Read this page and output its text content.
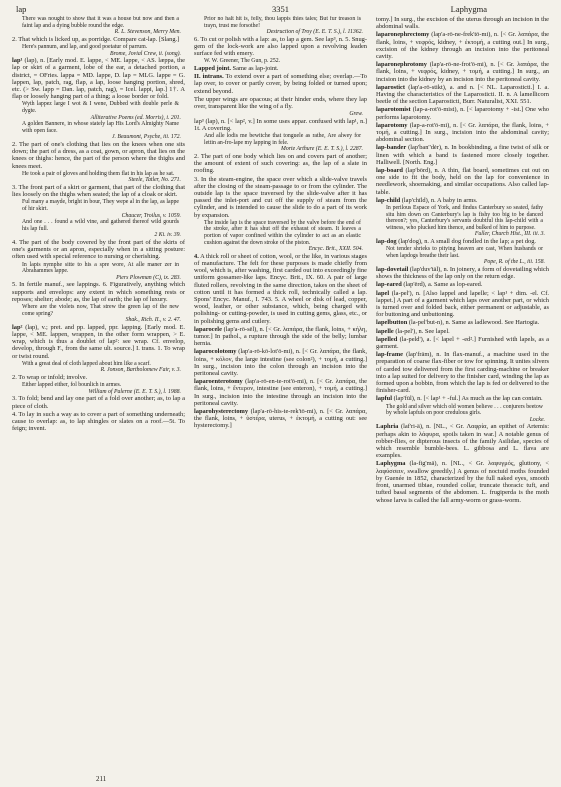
lap	3351	Laphygma
There was nought to show that it was a house but now and then a faint lap and a dying bubble round the edge.
R. L. Stevenson, Merry Men.

2. That which is licked up, as porridge. Compare cat-lap. [Slang.]

Here's pannum, and lap, and good poetatur of parrum.
Brome, Jovial Crew, ii. (song).

lap¹ (lap), n. [Early mod. E. lappe, < ME. lappe, < AS. læppa, the lap or skirt of a garment, lobe of the ear, a detached portion, a district, = OFries. lappa = MD. lappe, D. lap = MLG. lappe = G. lappen, lap, patch, rag, flap, a lap, loose hanging portion, shred, etc. (> Sw. lapp = Dan. lap, patch, rag), = Icel. lappi, lap.] 1†. A flap or loosely hanging part of a thing; a loose border or fold.

Wyth lappez large I wot & I wene, Dubbed with double perle & dygte.
Alliterative Poems (ed. Morris), i. 201.
A golden Bannere, in whose stately lap His Lord's Almighty Name with open face.
J. Beaumont, Psyche, iii. 172.

2. The part of one's clothing that lies on the knees when one sits down; the part of a dress, as a coat, gown, or apron, that lies on the knees or thighs: hence, the part of the person where the thighs and knees meet.

He took a pair of gloves and holding them flat in his lap as he sat.
Steele, Tatler, No. 271.

3. The front part of a skirt or garment, that part of the clothing that lies loosely on the thighs when seated; the lap of a cloak or skirt.

Ful many a mayde, bright in bour, They wepe al in the lap, as lappe of hir skirt.
Chaucer, Troilus, v. 1059.
And one . . . found a wild vine, and gathered thereof wild gourds his lap full.
2 Ki. iv. 39.

4. The part of the body covered by the front part of the skirts of one's garments or an apron, especially when in a sitting posture: often used with special reference to nursing or cherishing.

In lapis nymphe sitte to his a spre wore, At alle maner zer in Abrahammes lappe.
Piers Plowman (C), ix. 283.

5. In fertile manuf., see lappings. 6. Figuratively, anything which supports and envelops: any extent in which something rests or reposes; shelter; abode; as, the lap of earth; the lap of luxury.

Where are the violets now, That strew the green lap of the new come spring?
Shak., Rich. II., v. 2. 47.

lap² (lap), v.; pret. and pp. lapped, ppr. lapping. [Early mod. E. lappe, < ME. lappen, wrappen, in the other form wrappen, > E. wrap, which is thus a doublet of lap²: see wrap. Cf. envelop, develop, through F., from the same ult. source.] I. trans. 1. To wrap or twist round.

With a great deal of cloth lapped about him like a scarf.
R. Jonson, Bartholomew Fair, v. 3.

2. To wrap or infold; involve.

Either lapped either, fol bounlich in armes.
William of Palerne (E. E. T. S.), l. 1988.

3. To fold; bend and lay one part of a fold over another; as, to lap a piece of cloth.

4. To lay in such a way as to cover a part of something underneath; cause to overlap: as, to lap shingles or slates on a roof.—5t. To feign; invent.

Prior no halt hit is, felly, thou lappis thies tales; But fur treason is trayn, trust me forsothe!
Destruction of Troy (E. E. T. S.), l. 11362.

6. To cut or polish with a lap: as, to lap a gem. See lap³, n. 5. Snug-gem of the lock-work are also lapped upon a revolving leaden surface fed with emery.

W. W. Greener, The Gun, p. 252.

Lapped joint. Same as lap-joint.

II. intrans. To extend over a part of something else; overlap.—To lap over, to cover or partly cover, by being folded or turned upon; extend beyond.

The upper wings are opacous; at their hinder ends, where they lap over, transparent like the wing of a fly.

Grew.

lap³ (lap), n. [< lap², v.] In some uses appar. confused with lap¹, n.] 1t. A covering.

And alle lodis me bewitche that tonguele as rathe, Are alwey for lettin an-fro-lape my lapping in fele.
Morte Arthure (E. E. T. S.), l. 2287.

2. The part of one body which lies on and covers part of another; the amount of extent of such covering: as, the lap of a slate in roofing.

3. In the steam-engine, the space over which a slide-valve travels after the closing of the steam-passage to or from the cylinder. The outside lap is the space traversed by the slide-valve after it has passed the inlet-port and cut off the supply of steam from the cylinder, and is intended to cause the slide to do a part of its work by expansion.

The inside lap is the space traversed by the valve before the end of the stroke, after it has shut off the exhaust of steam. It leaves a portion of vapor confined within the cylinder to act as an elastic cushion against the down stroke of the piston.
Encyc. Brit., XXII. 504.

4. A thick roll or sheet of cotton, wool, or the like, in various stages of manufacture. The felt for these purposes is made chiefly from wool, which is, after washing, first carded out into exceedingly fine uniform gossamer-like laps. Encyc. Brit., IX. 60. A pair of large fluted rollers, revolving in the same direction, takes on the sheet of cotton until it has formed a thick roll, technically called a lap. Spons' Encyc. Manuf., I. 743. 5. A wheel or disk of lead, copper, wood, leather, or other substance, which, being charged with polishing- or cutting-powder, is used in cutting gems, glass, etc., or in polishing gems and cutlery.

laparocele (lap'a-rō-sēl), n. [< Gr. λαπάρα, the flank, loins, + κήλη, tumor.] In pathol., a rupture through the side of the belly; lumbar hernia.

laparocolotomy (lap'a-rō-kō-lot'ō-mi), n. [< Gr. λαπάρα, the flank, loins, + κόλον, the large intestine (see colon²), + τομή, a cutting.] In surg., incision into the colon through an incision into the peritoneal cavity.

laparoenterotomy (lap'a-rō-en-te-rot'ō-mi), n. [< Gr. λαπάρα, the flank, loins, + ἔντερον, intestine (see enteron), + τομή, a cutting.] In surg., incision into the intestine through an incision into the peritoneal cavity.

laparohysterectomy (lap'a-rō-his-te-rek'tō-mi), n. [< Gr. λαπάρα, the flank, loins, + ὑστέρα, uterus, + ἐκτομή, a cutting out: see hysterectomy.]

tomy.] In surg., the excision of the uterus through an incision in the abdominal walls.

laparonephrectomy (lap'a-rō-ne-frek'tō-mi), n. [< Gr. λαπάρα, the flank, loins, + νεφρός, kidney, + ἐκτομή, a cutting out.] In surg., excision of the kidney through an incision into the peritoneal cavity.

laparonephrotomy (lap'a-rō-ne-frot'ō-mi), n. [< Gr. λαπάρα, the flank, loins, + νεφρός, kidney, + τομή, a cutting.] In surg., an incision into the kidney by an incision into the peritoneal cavity.

laparostict (lap'a-rō-stikt), a. and n. [< NL. Laparosticti.] I. a. Having the characteristics of the Laparosticti. II. n. A lamellicorn beetle of the section Laparosticti, Burr. Naturalist, XXI. 551.

laparotomist (lap-a-rot'ō-mist), n. [< laparotomy + -ist.] One who performs laparotomy.

laparotomy (lap-a-rot'ō-mi), n. [< Gr. λαπάρα, the flank, loins, + τομή, a cutting.] In surg., incision into the abdominal cavity; abdominal section.

lap-bander (lap'ban''dėr), n. In bookbinding, a fine twist of silk or linen with which a band is fastened more closely together. Halliwell. [North. Eng.]

lap-board (lap'bōrd), n. A thin, flat board, sometimes cut out on one side to fit the body, held on the lap for convenience in needlework, shoemaking, and similar occupations. Also called lap-table.

lap-child (lap'chīld), n. A baby in arms.

In perilous Espace of York, and findus Canterbury so seated, fathy situ him down on Canterbury's lap is fishy too big to be danced thereon?; yes, Canterbury's servants doubtful this lap-child with a witness, who plucked him thence, and bulked of him to purpose.
Fuller, Church Hist., III. iii. 3.

lap-dog (lap'dog), n. A small dog fondled in the lap; a pet dog.

Not tender shrieks to pitying heaven are cast, When husbands or when lapdogs breathe their last.
Pope, R. of the L., iii. 158.

lap-dovetail (lap'duv'tāl), n. In joinery, a form of dovetailing which shows the thickness of the lap only on the return edge.

lap-eared (lap'ērd), a. Same as lop-eared.

lapel (la-pel'), n. [Also lappel and lapelle; < lap¹ + dim. -el. Cf. lappet.] A part of a garment which laps over another part, or which is turned over and folded back, either permanent or adjustable, as for buttoning and unbuttoning.

lapelbutton (la-pel'but-n), n. Same as ladlewood. See Hartogia.

lapelle (la-pel'), n. See lapel.

lapelled (la-peld'), a. [< lapel + -ed².] Furnished with lapels, as a garment.

lap-frame (lap'frām), n. In flax-manuf., a machine used in the preparation of coarse flax-fiber or tow for spinning. It unites slivers of carded tow delivered from the first carding-machine or breaker into a lap suited for delivery to the finisher card, winding the lap as formed upon a bobbin, from which the lap is fed or delivered to the finisher-card.

lapful (lap'fūl), n. [< lap¹ + -ful.] As much as the lap can contain.

The gold and silver which old women believe . . . conjurers beetow by whole lapfuls on poor credulous girls.
Locke.

Laphria (laf'ri-ä), n. [NL., < Gr. Λαφρία, an epithet of Artemis: perhaps akin to λάφυρα, spoils taken in war.] A notable genus of robber-flies, or dipterous insects of the family Asilidae, species of which resemble bumble-bees. L. gibbosa and L. flava are examples.

Laphygma (la-fig'mä), n. [NL., < Gr. λαφυγμός, gluttony, < λαφύσσειν, swallow greedily.] A genus of noctuid moths founded by Guenée in 1852, characterized by the full naked eyes, smooth front, unarmed tibiae, rounded collar, truncate thoracic tuft, and tufted basal segments of the abdomen. L. frugiperda is the moth whose larva is called the fall army-worm or grass-worm.

211
